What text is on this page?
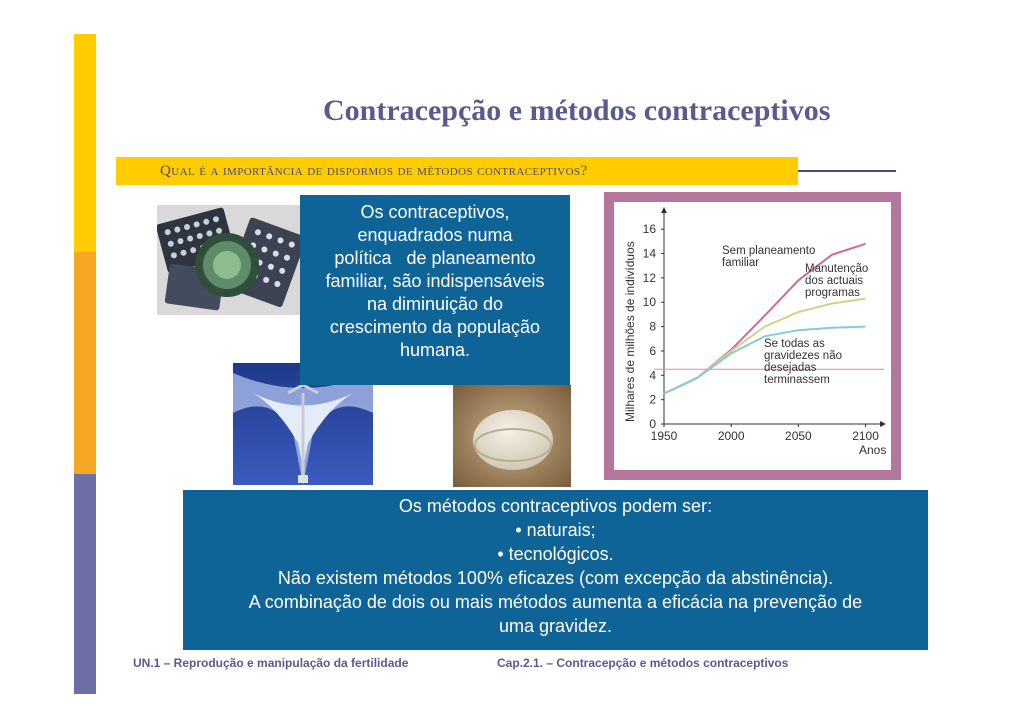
Contracepção e métodos contraceptivos
Qual é a importância de dispormos de métodos contraceptivos?

Os contraceptivos,

enquadrados numa

política   de planeamento

familiar, são indispensáveis

na diminuição do

crescimento da população

humana.	Milhares de milhões de indivíduos
Anos
0
2
4
6
8
10
12
14
16
1950	2000	2050	2100
Sem planeamento familiar	Manutenção dos actuais programas
Se todas as gravidezes não desejadas terminassem

Os métodos contraceptivos podem ser:

• naturais;

• tecnológicos.

Não existem métodos 100% eficazes (com excepção da abstinência).

A combinação de dois ou mais métodos aumenta a eficácia na prevenção de

uma gravidez.

UN.1 – Reprodução e manipulação da fertilidade	Cap.2.1. – Contracepção e métodos contraceptivos
